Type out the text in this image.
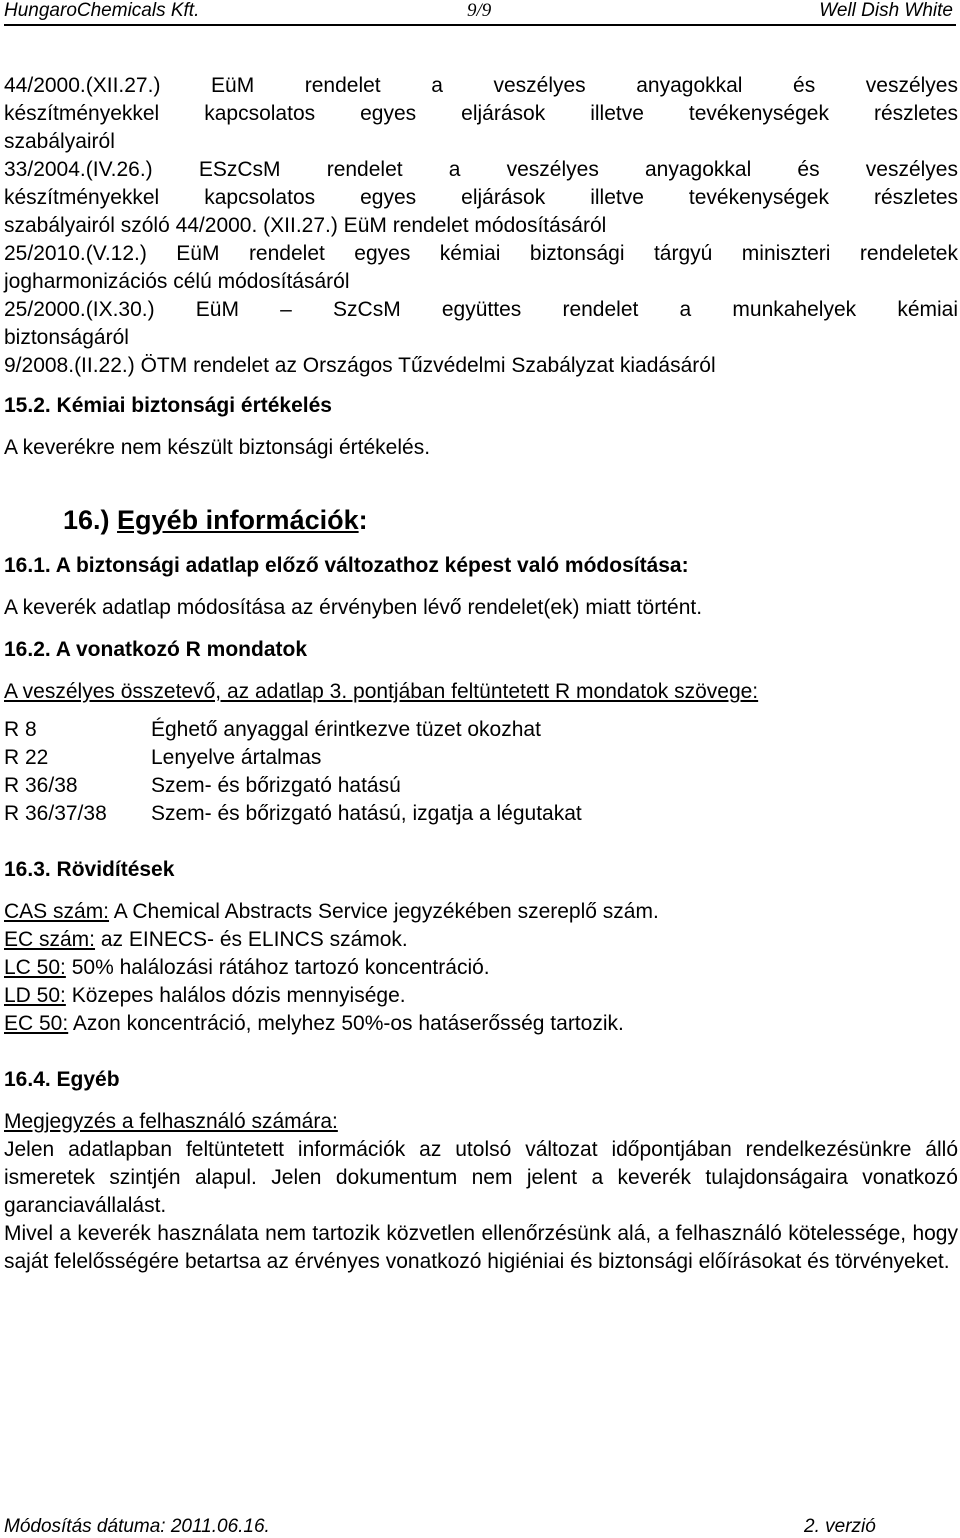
HungaroChemicals Kft.	9/9	Well Dish White
44/2000.(XII.27.) EüM rendelet a veszélyes anyagokkal és veszélyes
készítményekkel kapcsolatos egyes eljárások illetve tevékenységek részletes
szabályairól
33/2004.(IV.26.) ESzCsM rendelet a veszélyes anyagokkal és veszélyes
készítményekkel kapcsolatos egyes eljárások illetve tevékenységek részletes
szabályairól szóló 44/2000. (XII.27.) EüM rendelet módosításáról
25/2010.(V.12.) EüM rendelet egyes kémiai biztonsági tárgyú miniszteri rendeletek
jogharmonizációs célú módosításáról
25/2000.(IX.30.) EüM – SzCsM együttes rendelet a munkahelyek kémiai
biztonságáról
9/2008.(II.22.) ÖTM rendelet az Országos Tűzvédelmi Szabályzat kiadásáról

15.2. Kémiai biztonsági értékelés

A keverékre nem készült biztonsági értékelés.

16.) Egyéb információk:

16.1. A biztonsági adatlap előző változathoz képest való módosítása:

A keverék adatlap módosítása az érvényben lévő rendelet(ek) miatt történt.

16.2. A vonatkozó R mondatok

A veszélyes összetevő, az adatlap 3. pontjában feltüntetett R mondatok szövege:

R 8	Éghető anyaggal érintkezve tüzet okozhat
R 22	Lenyelve ártalmas
R 36/38	Szem- és bőrizgató hatású
R 36/37/38	Szem- és bőrizgató hatású, izgatja a légutakat

16.3. Rövidítések

CAS szám: A Chemical Abstracts Service jegyzékében szereplő szám.

EC szám: az EINECS- és ELINCS számok.

LC 50: 50% halálozási rátához tartozó koncentráció.

LD 50: Közepes halálos dózis mennyisége.

EC 50: Azon koncentráció, melyhez 50%-os hatáserősség tartozik.

16.4. Egyéb

Megjegyzés a felhasználó számára:

Jelen adatlapban feltüntetett információk az utolsó változat időpontjában rendelkezésünkre álló ismeretek szintjén alapul. Jelen dokumentum nem jelent a keverék tulajdonságaira vonatkozó garanciavállalást.

Mivel a keverék használata nem tartozik közvetlen ellenőrzésünk alá, a felhasználó kötelessége, hogy saját felelősségére betartsa az érvényes vonatkozó higiéniai és biztonsági előírásokat és törvényeket.

Módosítás dátuma: 2011.06.16.	2. verzió
